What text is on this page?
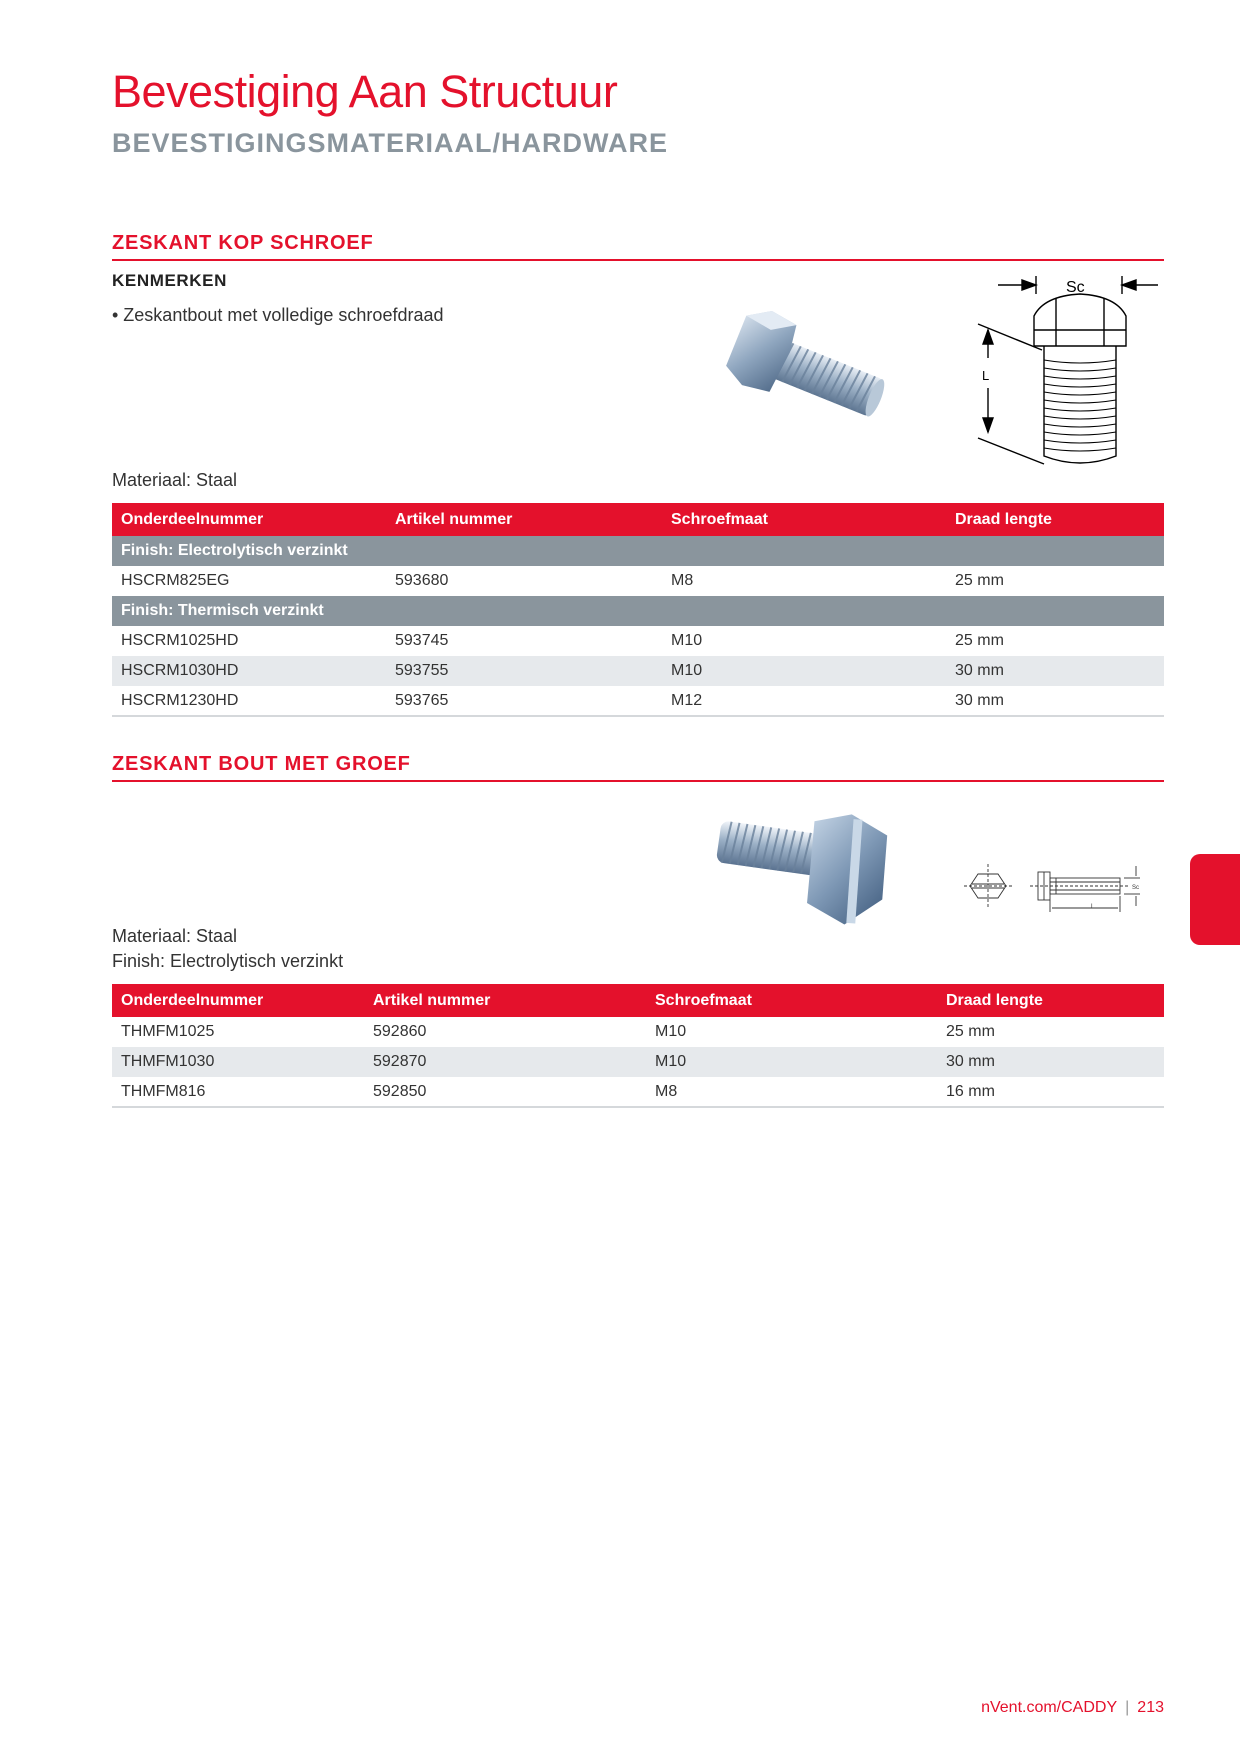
Bevestiging Aan Structuur
BEVESTIGINGSMATERIAAL/HARDWARE
ZESKANT KOP SCHROEF
KENMERKEN
• Zeskantbout met volledige schroefdraad
Sc
L
Materiaal: Staal
Onderdeelnummer	Artikel nummer	Schroefmaat	Draad lengte
Finish: Electrolytisch verzinkt			
HSCRM825EG	593680	M8	25 mm
Finish: Thermisch verzinkt			
HSCRM1025HD	593745	M10	25 mm
HSCRM1030HD	593755	M10	30 mm
HSCRM1230HD	593765	M12	30 mm
ZESKANT BOUT MET GROEF
L
Sc
Materiaal: Staal
Finish: Electrolytisch verzinkt
Onderdeelnummer	Artikel nummer	Schroefmaat	Draad lengte
THMFM1025	592860	M10	25 mm
THMFM1030	592870	M10	30 mm
THMFM816	592850	M8	16 mm
nVent.com/CADDY | 213
